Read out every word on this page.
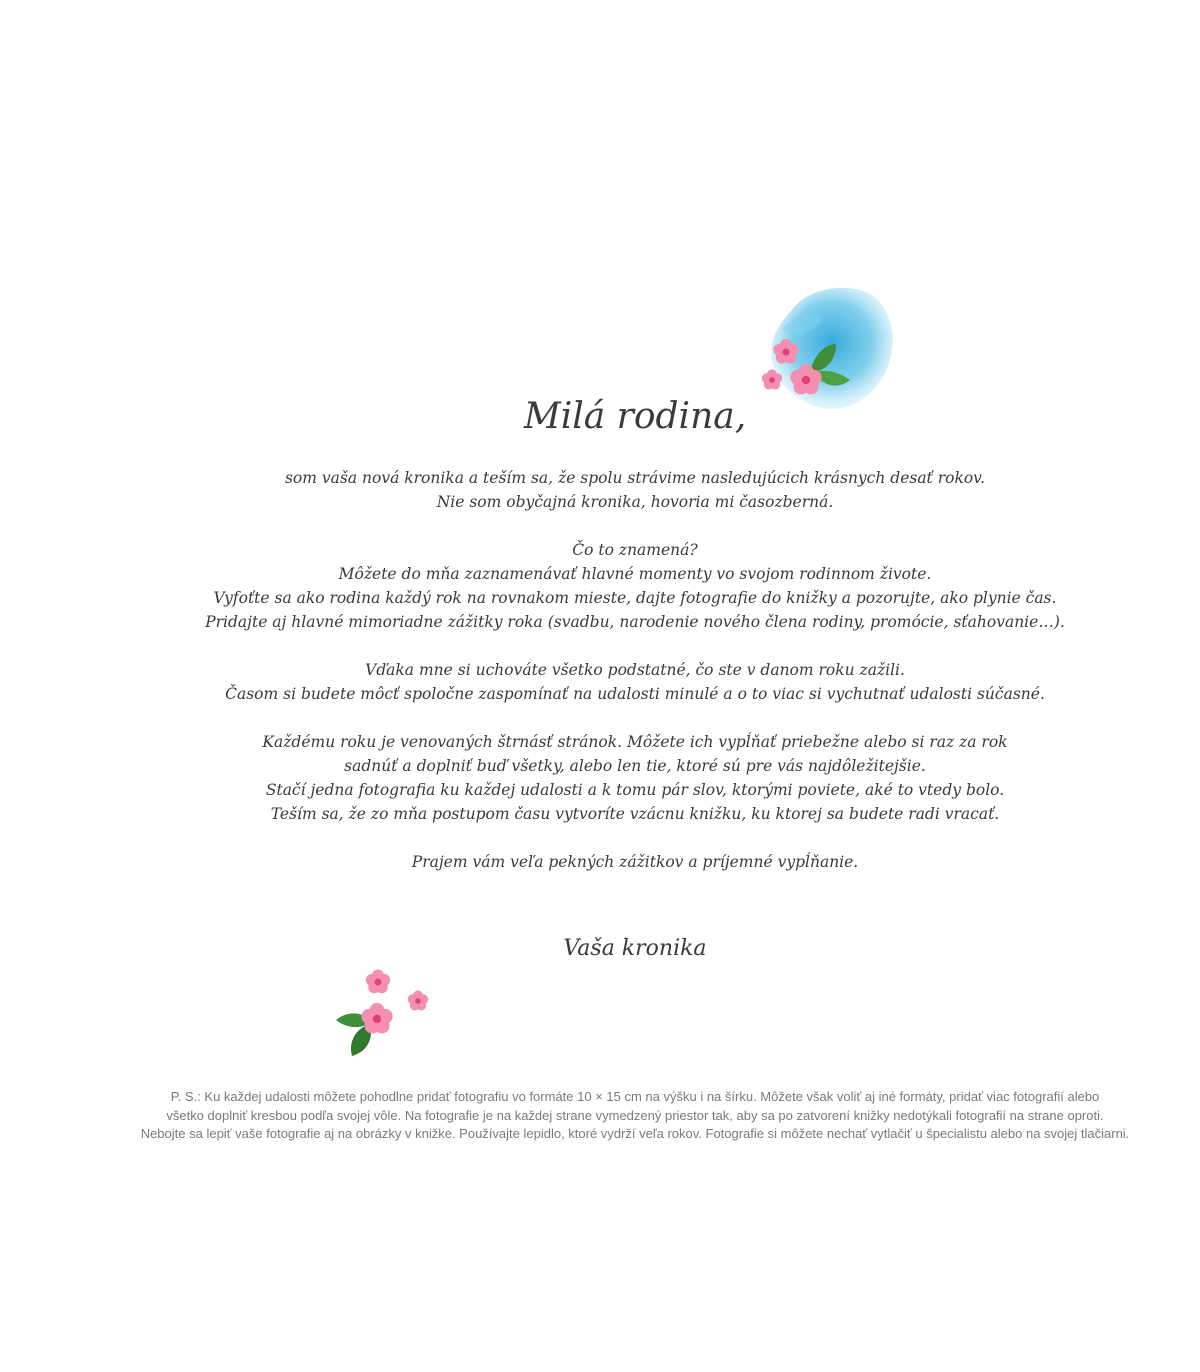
Milá rodina,

som vaša nová kronika a teším sa, že spolu strávime nasledujúcich krásnych desať rokov.
Nie som obyčajná kronika, hovoria mi časozberná.

Čo to znamená?
Môžete do mňa zaznamenávať hlavné momenty vo svojom rodinnom živote.
Vyfoťte sa ako rodina každý rok na rovnakom mieste, dajte fotografie do knižky a pozorujte, ako plynie čas.
Pridajte aj hlavné mimoriadne zážitky roka (svadbu, narodenie nového člena rodiny, promócie, sťahovanie…).

Vďaka mne si uchováte všetko podstatné, čo ste v danom roku zažili.
Časom si budete môcť spoločne zaspomínať na udalosti minulé a o to viac si vychutnať udalosti súčasné.

Každému roku je venovaných štrnásť stránok. Môžete ich vypĺňať priebežne alebo si raz za rok
sadnúť a doplniť buď všetky, alebo len tie, ktoré sú pre vás najdôležitejšie.
Stačí jedna fotografia ku každej udalosti a k tomu pár slov, ktorými poviete, aké to vtedy bolo.
Teším sa, že zo mňa postupom času vytvoríte vzácnu knižku, ku ktorej sa budete radi vracať.

Prajem vám veľa pekných zážitkov a príjemné vypĺňanie.

Vaša kronika
P. S.: Ku každej udalosti môžete pohodlne pridať fotografiu vo formáte 10 × 15 cm na výšku i na šírku. Môžete však voliť aj iné formáty, pridať viac fotografií alebo
všetko doplniť kresbou podľa svojej vôle. Na fotografie je na každej strane vymedzený priestor tak, aby sa po zatvorení knižky nedotýkali fotografií na strane oproti.
Nebojte sa lepiť vaše fotografie aj na obrázky v knižke. Používajte lepidlo, ktoré vydrží veľa rokov. Fotografie si môžete nechať vytlačiť u špecialistu alebo na svojej tlačiarni.
